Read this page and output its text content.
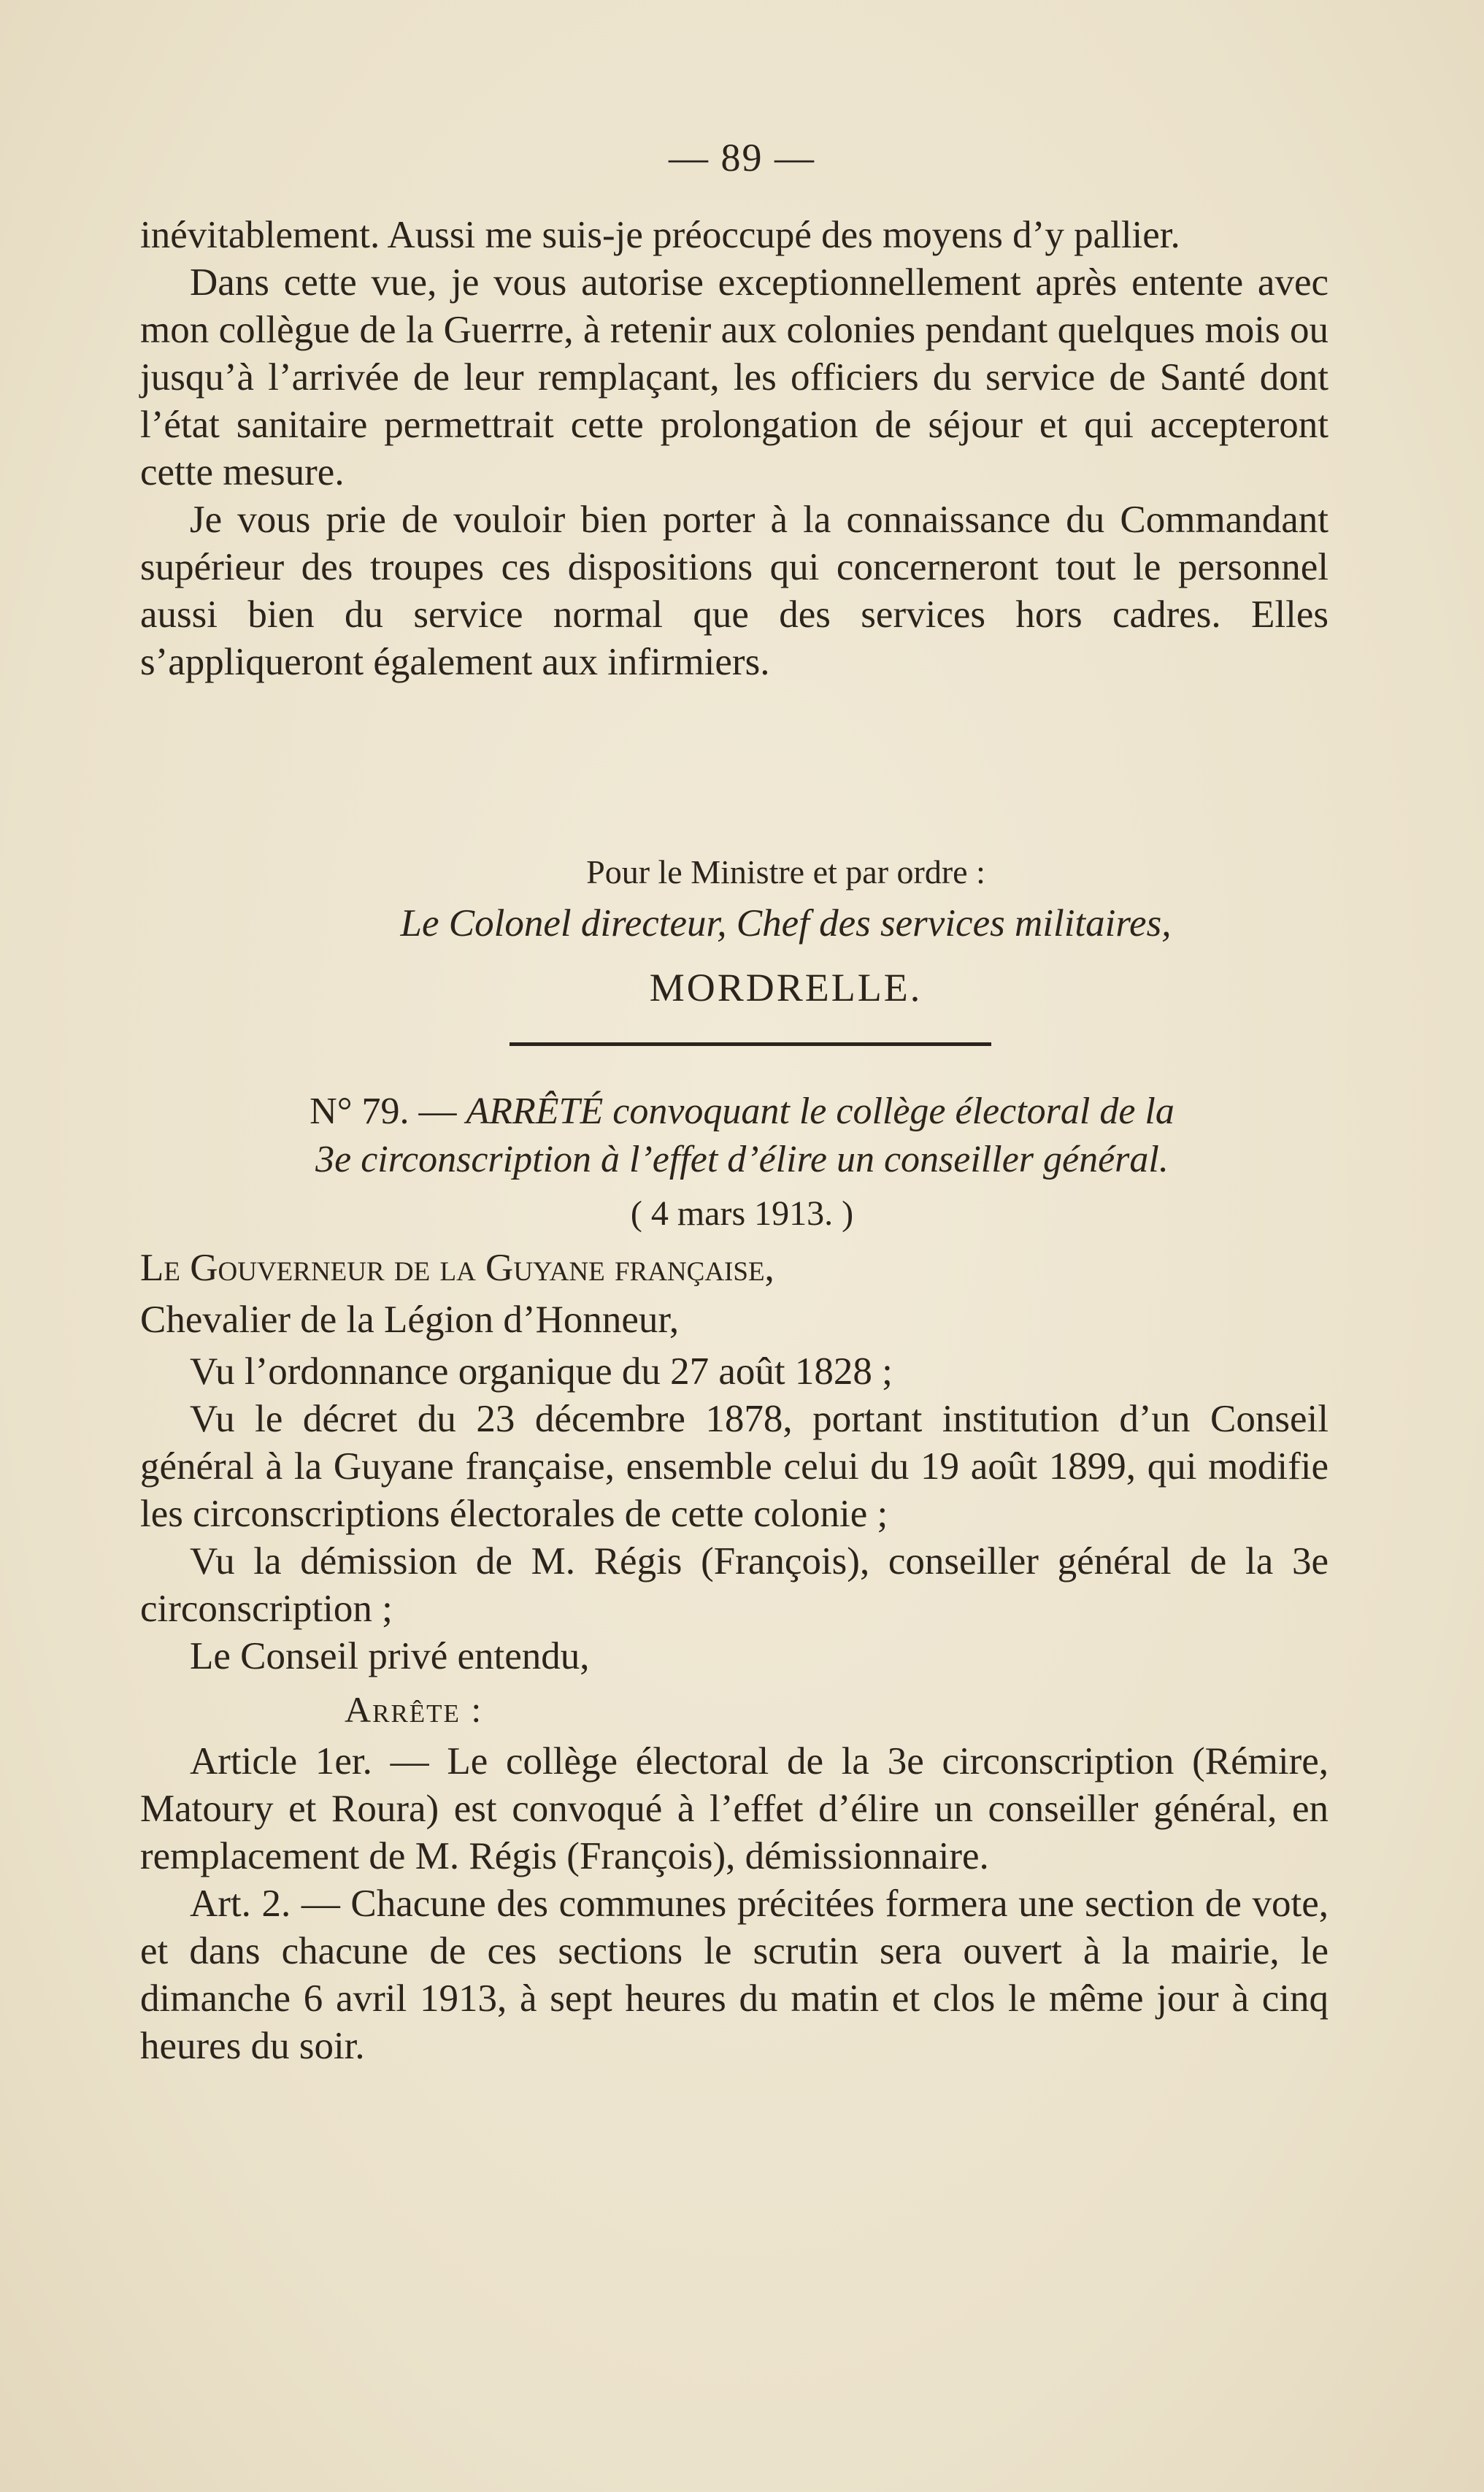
— 89 —

inévitablement. Aussi me suis-je préoccupé des moyens d’y pallier.

Dans cette vue, je vous autorise exceptionnellement après entente avec mon collègue de la Guerrre, à retenir aux colonies pendant quelques mois ou jusqu’à l’arrivée de leur remplaçant, les officiers du service de Santé dont l’état sanitaire permettrait cette prolongation de séjour et qui accepteront cette mesure.

Je vous prie de vouloir bien porter à la connaissance du Commandant supérieur des troupes ces dispositions qui concerneront tout le personnel aussi bien du service normal que des services hors cadres. Elles s’appliqueront également aux infirmiers.

Pour le Ministre et par ordre :
Le Colonel directeur, Chef des services militaires,
MORDRELLE.
N° 79. — ARRÊTÉ convoquant le collège électoral de la
3e circonscription à l’effet d’élire un conseiller général.
( 4 mars 1913. )

Le Gouverneur de la Guyane française,

Chevalier de la Légion d’Honneur,

Vu l’ordonnance organique du 27 août 1828 ;

Vu le décret du 23 décembre 1878, portant institution d’un Conseil général à la Guyane française, ensemble celui du 19 août 1899, qui modifie les circonscriptions électorales de cette colonie ;

Vu la démission de M. Régis (François), conseiller général de la 3e circonscription ;

Le Conseil privé entendu,

Arrête :

Article 1er. — Le collège électoral de la 3e circonscription (Rémire, Matoury et Roura) est convoqué à l’effet d’élire un conseiller général, en remplacement de M. Régis (François), démissionnaire.

Art. 2. — Chacune des communes précitées formera une section de vote, et dans chacune de ces sections le scrutin sera ouvert à la mairie, le dimanche 6 avril 1913, à sept heures du matin et clos le même jour à cinq heures du soir.
